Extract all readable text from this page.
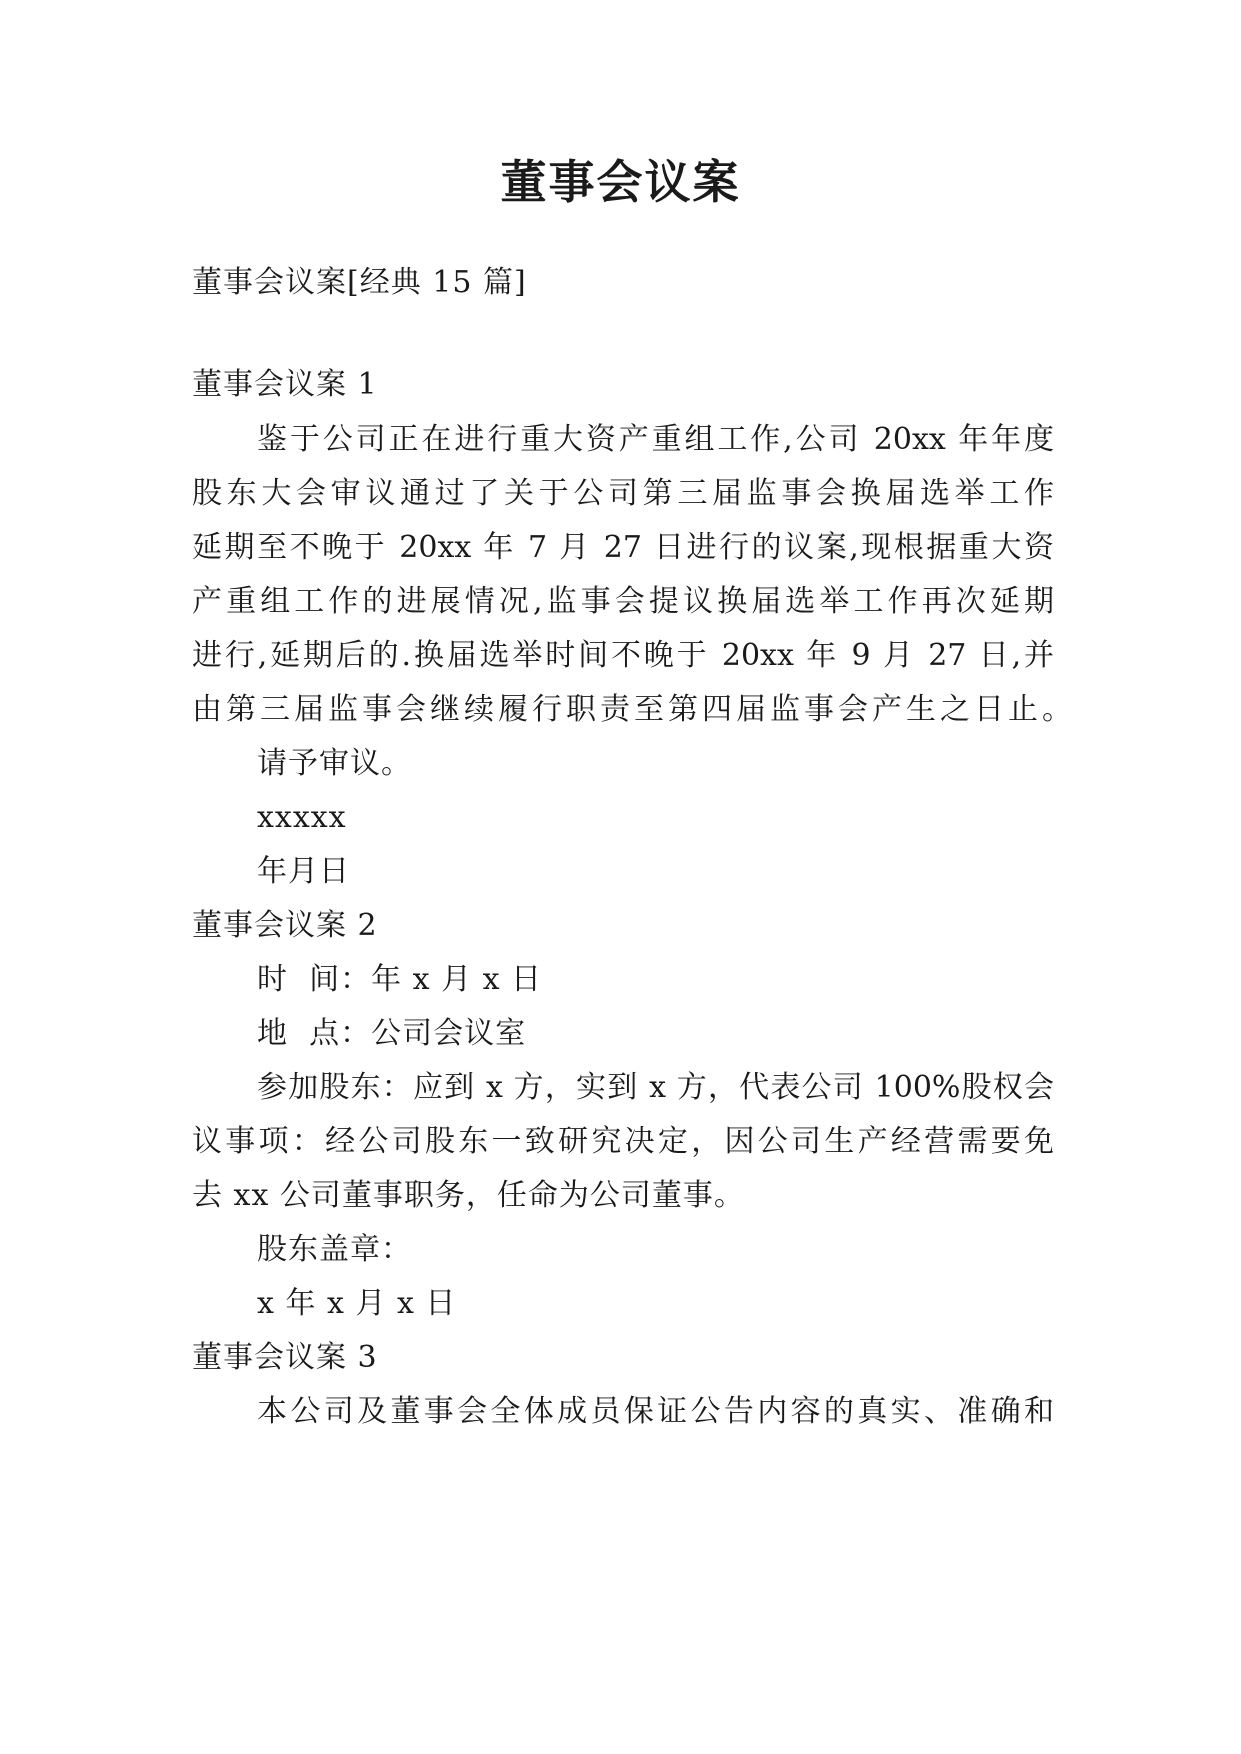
董事会议案
董事会议案[经典 15 篇]
董事会议案 1
鉴于公司正在进行重大资产重组工作,公司 20xx 年年度
股东大会审议通过了关于公司第三届监事会换届选举工作
延期至不晚于 20xx 年 7 月 27 日进行的议案,现根据重大资
产重组工作的进展情况,监事会提议换届选举工作再次延期
进行,延期后的.换届选举时间不晚于 20xx 年 9 月 27 日,并
由第三届监事会继续履行职责至第四届监事会产生之日止。
请予审议。
xxxxx
年月日
董事会议案 2
时  间：年 x 月 x 日
地  点：公司会议室
参加股东：应到 x 方，实到 x 方，代表公司 100%股权会
议事项：经公司股东一致研究决定，因公司生产经营需要免
去 xx 公司董事职务，任命为公司董事。
股东盖章：
x 年 x 月 x 日
董事会议案 3
本公司及董事会全体成员保证公告内容的真实、准确和
